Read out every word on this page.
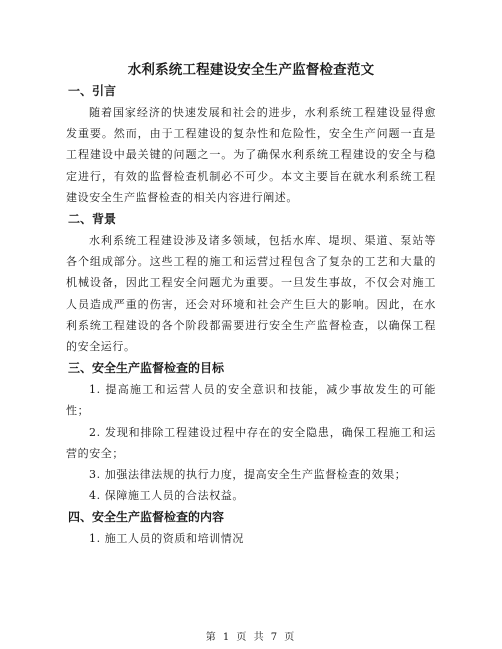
水利系统工程建设安全生产监督检查范文
一、引言

随着国家经济的快速发展和社会的进步，水利系统工程建设显得愈发重要。然而，由于工程建设的复杂性和危险性，安全生产问题一直是工程建设中最关键的问题之一。为了确保水利系统工程建设的安全与稳定进行，有效的监督检查机制必不可少。本文主要旨在就水利系统工程建设安全生产监督检查的相关内容进行阐述。

二、背景

水利系统工程建设涉及诸多领域，包括水库、堤坝、渠道、泵站等各个组成部分。这些工程的施工和运营过程包含了复杂的工艺和大量的机械设备，因此工程安全问题尤为重要。一旦发生事故，不仅会对施工人员造成严重的伤害，还会对环境和社会产生巨大的影响。因此，在水利系统工程建设的各个阶段都需要进行安全生产监督检查，以确保工程的安全运行。

三、安全生产监督检查的目标

1. 提高施工和运营人员的安全意识和技能，减少事故发生的可能性；

2. 发现和排除工程建设过程中存在的安全隐患，确保工程施工和运营的安全；

3. 加强法律法规的执行力度，提高安全生产监督检查的效果；

4. 保障施工人员的合法权益。

四、安全生产监督检查的内容

1. 施工人员的资质和培训情况

第 1 页 共 7 页
